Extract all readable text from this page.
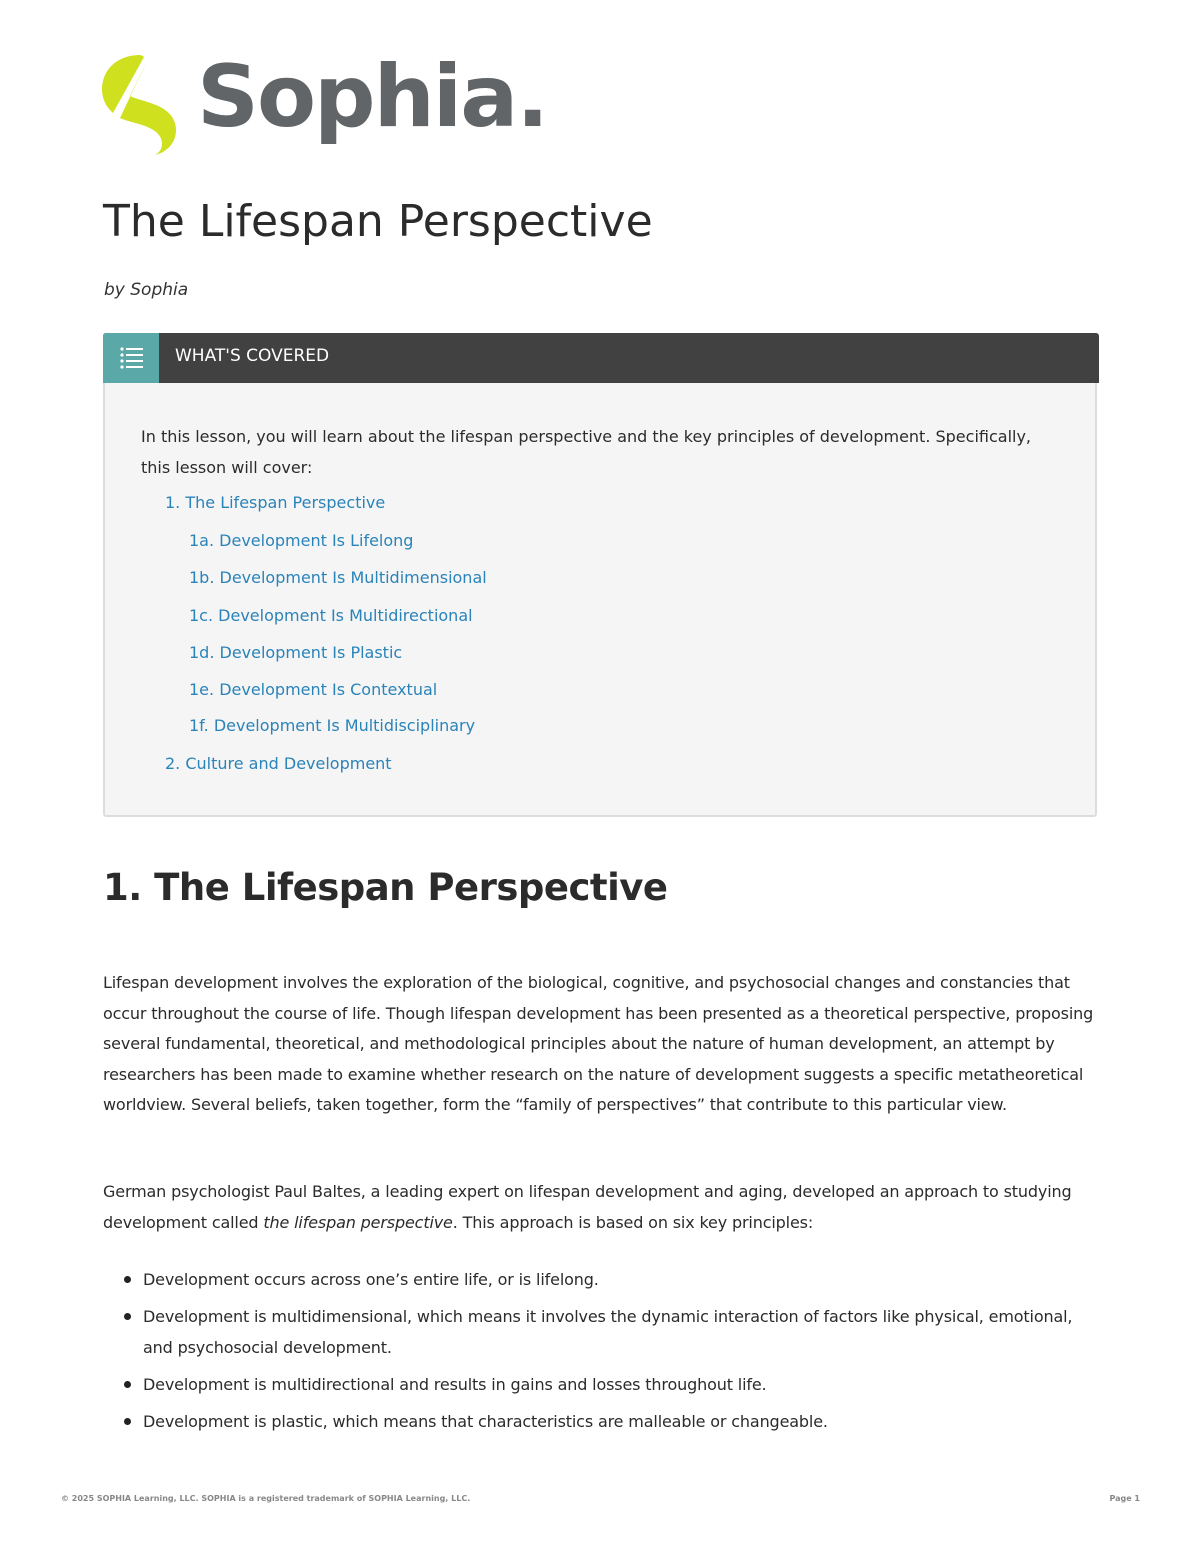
Sophia.
The Lifespan Perspective
by Sophia
WHAT'S COVERED

In this lesson, you will learn about the lifespan perspective and the key principles of development. Specifically, this lesson will cover:

1. The Lifespan Perspective
1a. Development Is Lifelong
1b. Development Is Multidimensional
1c. Development Is Multidirectional
1d. Development Is Plastic
1e. Development Is Contextual
1f. Development Is Multidisciplinary
2. Culture and Development
1. The Lifespan Perspective

Lifespan development involves the exploration of the biological, cognitive, and psychosocial changes and constancies that occur throughout the course of life. Though lifespan development has been presented as a theoretical perspective, proposing several fundamental, theoretical, and methodological principles about the nature of human development, an attempt by researchers has been made to examine whether research on the nature of development suggests a specific metatheoretical worldview. Several beliefs, taken together, form the “family of perspectives” that contribute to this particular view.

German psychologist Paul Baltes, a leading expert on lifespan development and aging, developed an approach to studying development called the lifespan perspective. This approach is based on six key principles:

Development occurs across one’s entire life, or is lifelong.
Development is multidimensional, which means it involves the dynamic interaction of factors like physical, emotional, and psychosocial development.
Development is multidirectional and results in gains and losses throughout life.
Development is plastic, which means that characteristics are malleable or changeable.
© 2025 SOPHIA Learning, LLC. SOPHIA is a registered trademark of SOPHIA Learning, LLC.	Page 1
